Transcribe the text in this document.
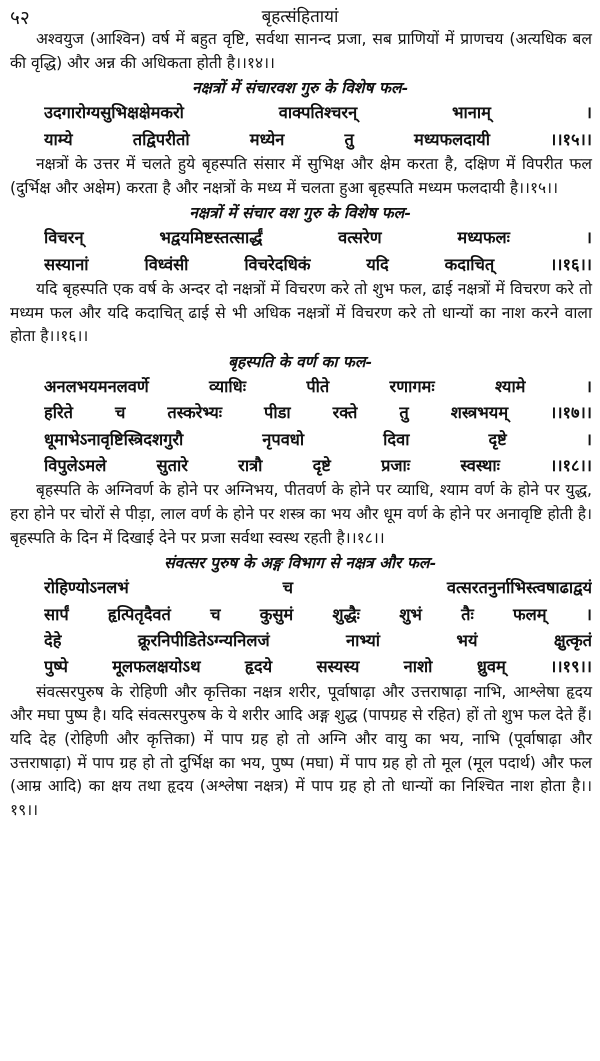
५२	बृहत्संहितायां

अश्वयुज (आश्विन) वर्ष में बहुत वृष्टि, सर्वथा सानन्द प्रजा, सब प्राणियों में प्राणचय (अत्यधिक बल की वृद्धि) और अन्न की अधिकता होती है।।१४।।

नक्षत्रों में संचारवश गुरु के विशेष फल-

उदगारोग्यसुभिक्षक्षेमकरो वाक्पतिश्चरन् भानाम् ।
याम्ये तद्विपरीतो मध्येन तु मध्यफलदायी ।।१५।।

नक्षत्रों के उत्तर में चलते हुये बृहस्पति संसार में सुभिक्ष और क्षेम करता है, दक्षिण में विपरीत फल (दुर्भिक्ष और अक्षेम) करता है और नक्षत्रों के मध्य में चलता हुआ बृहस्पति मध्यम फलदायी है।।१५।।

नक्षत्रों में संचार वश गुरु के विशेष फल-

विचरन् भद्वयमिष्टस्तत्सार्द्धं वत्सरेण मध्यफलः ।
सस्यानां विध्वंसी विचरेदधिकं यदि कदाचित् ।।१६।।

यदि बृहस्पति एक वर्ष के अन्दर दो नक्षत्रों में विचरण करे तो शुभ फल, ढाई नक्षत्रों में विचरण करे तो मध्यम फल और यदि कदाचित् ढाई से भी अधिक नक्षत्रों में विचरण करे तो धान्यों का नाश करने वाला होता है।।१६।।

बृहस्पति के वर्ण का फल-

अनलभयमनलवर्णे व्याधिः पीते रणागमः श्यामे ।
हरिते च तस्करेभ्यः पीडा रक्ते तु शस्त्रभयम् ।।१७।।
धूमाभेऽनावृष्टिस्त्रिदशगुरौ नृपवधो दिवा दृष्टे ।
विपुलेऽमले सुतारे रात्रौ दृष्टे प्रजाः स्वस्थाः ।।१८।।

बृहस्पति के अग्निवर्ण के होने पर अग्निभय, पीतवर्ण के होने पर व्याधि, श्याम वर्ण के होने पर युद्ध, हरा होने पर चोरों से पीड़ा, लाल वर्ण के होने पर शस्त्र का भय और धूम वर्ण के होने पर अनावृष्टि होती है। बृहस्पति के दिन में दिखाई देने पर प्रजा सर्वथा स्वस्थ रहती है।।१८।।

संवत्सर पुरुष के अङ्ग विभाग से नक्षत्र और फल-

रोहिण्योऽनलभं च वत्सरतनुर्नाभिस्त्वषाढाद्वयं
सार्पं हृत्पितृदैवतं च कुसुमं शुद्धैः शुभं तैः फलम् ।
देहे क्रूरनिपीडितेऽग्न्यनिलजं नाभ्यां भयं क्षुत्कृतं
पुष्पे मूलफलक्षयोऽथ हृदये सस्यस्य नाशो ध्रुवम् ।।१९।।

संवत्सरपुरुष के रोहिणी और कृत्तिका नक्षत्र शरीर, पूर्वाषाढ़ा और उत्तराषाढ़ा नाभि, आश्लेषा हृदय और मघा पुष्प है। यदि संवत्सरपुरुष के ये शरीर आदि अङ्ग शुद्ध (पापग्रह से रहित) हों तो शुभ फल देते हैं। यदि देह (रोहिणी और कृत्तिका) में पाप ग्रह हो तो अग्नि और वायु का भय, नाभि (पूर्वाषाढ़ा और उत्तराषाढ़ा) में पाप ग्रह हो तो दुर्भिक्ष का भय, पुष्प (मघा) में पाप ग्रह हो तो मूल (मूल पदार्थ) और फल (आम्र आदि) का क्षय तथा हृदय (अश्लेषा नक्षत्र) में पाप ग्रह हो तो धान्यों का निश्चित नाश होता है।।१९।।
